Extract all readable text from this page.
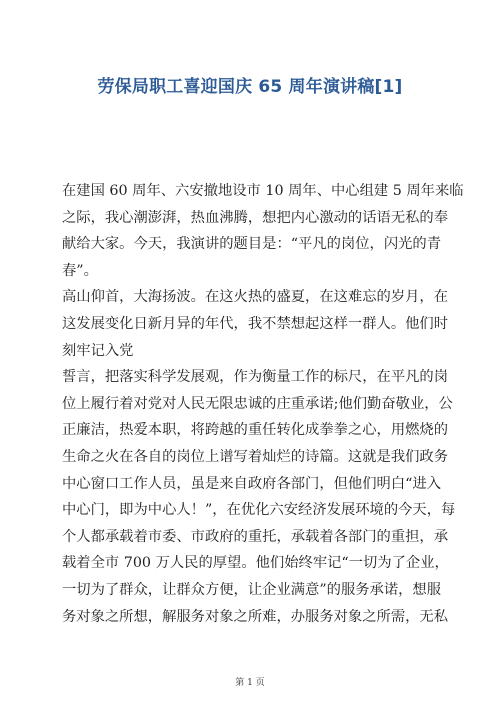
劳保局职工喜迎国庆 65 周年演讲稿[1]

在建国 60 周年、六安撤地设市 10 周年、中心组建 5 周年来临

之际，我心潮澎湃，热血沸腾，想把内心激动的话语无私的奉

献给大家。今天，我演讲的题目是：“平凡的岗位，闪光的青

春”。

高山仰首，大海扬波。在这火热的盛夏，在这难忘的岁月，在

这发展变化日新月异的年代，我不禁想起这样一群人。他们时

刻牢记入党

誓言，把落实科学发展观，作为衡量工作的标尺，在平凡的岗

位上履行着对党对人民无限忠诚的庄重承诺;他们勤奋敬业，公

正廉洁，热爱本职，将跨越的重任转化成拳拳之心，用燃烧的

生命之火在各自的岗位上谱写着灿烂的诗篇。这就是我们政务

中心窗口工作人员，虽是来自政府各部门，但他们明白“进入

中心门，即为中心人！”，在优化六安经济发展环境的今天，每

个人都承载着市委、市政府的重托，承载着各部门的重担，承

载着全市 700 万人民的厚望。他们始终牢记“一切为了企业，

一切为了群众，让群众方便，让企业满意”的服务承诺，想服

务对象之所想，解服务对象之所难，办服务对象之所需，无私

第 1 页
